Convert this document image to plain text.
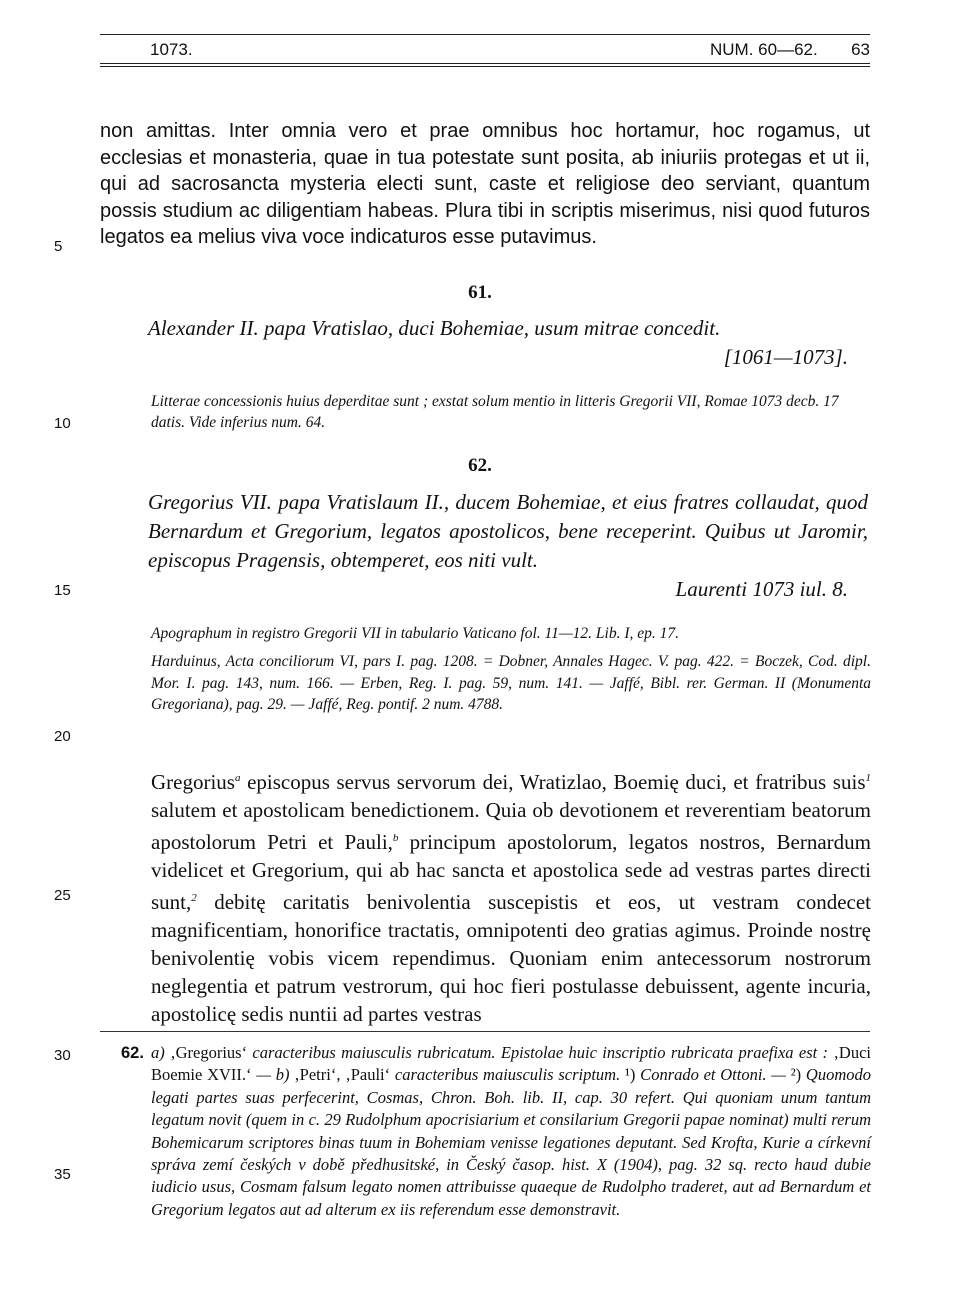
1073.	NUM. 60—62. 63

non amittas. Inter omnia vero et prae omnibus hoc hortamur, hoc rogamus, ut ecclesias et monasteria, quae in tua potestate sunt posita, ab iniuriis protegas et ut ii, qui ad sacrosancta mysteria electi sunt, caste et religiose deo serviant, quantum possis studium ac diligentiam habeas. Plura tibi in scriptis miserimus, nisi quod futuros legatos ea melius viva voce indicaturos esse putavimus.

61.
Alexander II. papa Vratislao, duci Bohemiae, usum mitrae concedit.
[1061—1073].
Litterae concessionis huius deperditae sunt ; exstat solum mentio in litteris Gregorii VII, Romae 1073 decb. 17 datis. Vide inferius num. 64.
62.
Gregorius VII. papa Vratislaum II., ducem Bohemiae, et eius fratres collaudat, quod Bernardum et Gregorium, legatos apostolicos, bene receperint. Quibus ut Jaromir, episcopus Pragensis, obtemperet, eos niti vult.
Laurenti 1073 iul. 8.
Apographum in registro Gregorii VII in tabulario Vaticano fol. 11—12. Lib. I, ep. 17.
Harduinus, Acta conciliorum VI, pars I. pag. 1208. = Dobner, Annales Hagec. V. pag. 422. = Boczek, Cod. dipl. Mor. I. pag. 143, num. 166. — Erben, Reg. I. pag. 59, num. 141. — Jaffé, Bibl. rer. German. II (Monumenta Gregoriana), pag. 29. — Jaffé, Reg. pontif. 2 num. 4788.

Gregorius$^a$ episcopus servus servorum dei, Wratizlao, Boemię duci, et fratribus suis$^1$ salutem et apostolicam benedictionem. Quia ob devotionem et reverentiam beatorum apostolorum Petri et Pauli,$^b$ principum apostolorum, legatos nostros, Bernardum videlicet et Gregorium, qui ab hac sancta et apostolica sede ad vestras partes directi sunt,$^2$ debitę caritatis benivolentia suscepistis et eos, ut vestram condecet magnificentiam, honorifice tractatis, omnipotenti deo gratias agimus. Proinde nostrę benivolentię vobis vicem rependimus. Quoniam enim antecessorum nostrorum neglegentia et patrum vestrorum, qui hoc fieri postulasse debuissent, agente incuria, apostolicę sedis nuntii ad partes vestras

62. a) ‚Gregorius‘ caracteribus maiusculis rubricatum. Epistolae huic inscriptio rubricata praefixa est : ‚Duci Boemie XVII.‘ — b) ‚Petri‘, ‚Pauli‘ caracteribus maiusculis scriptum. ¹) Conrado et Ottoni. — ²) Quomodo legati partes suas perfecerint, Cosmas, Chron. Boh. lib. II, cap. 30 refert. Qui quoniam unum tantum legatum novit (quem in c. 29 Rudolphum apocrisiarium et consilarium Gregorii papae nominat) multi rerum Bohemicarum scriptores binas tuum in Bohemiam venisse legationes deputant. Sed Krofta, Kurie a církevní správa zemí českých v době předhusitské, in Český časop. hist. X (1904), pag. 32 sq. recto haud dubie iudicio usus, Cosmam falsum legato nomen attribuisse quaeque de Rudolpho traderet, aut ad Bernardum et Gregorium legatos aut ad alterum ex iis referendum esse demonstravit.
5
10
15
20
25
30
35
